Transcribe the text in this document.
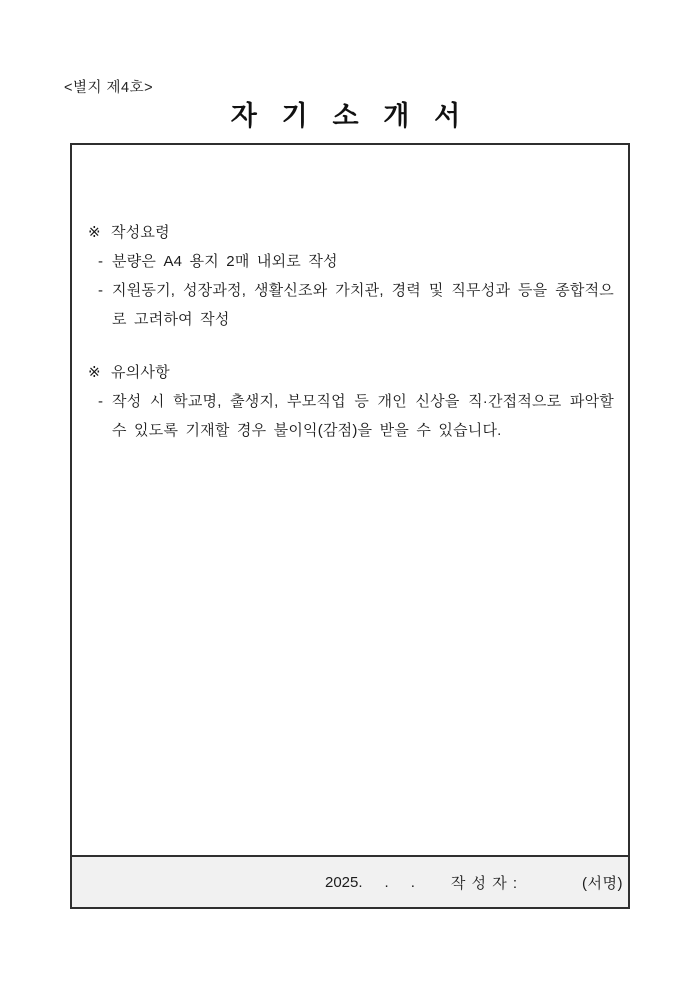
<별지 제4호>
자 기 소 개 서
※ 작성요령
- 분량은 A4 용지 2매 내외로 작성
- 지원동기, 성장과정, 생활신조와 가치관, 경력 및 직무성과 등을 종합적으로 고려하여 작성
※ 유의사항
- 작성 시 학교명, 출생지, 부모직업 등 개인 신상을 직·간접적으로 파악할 수 있도록 기재할 경우 불이익(감점)을 받을 수 있습니다.
2025. . . 작 성 자 :	(서명)
